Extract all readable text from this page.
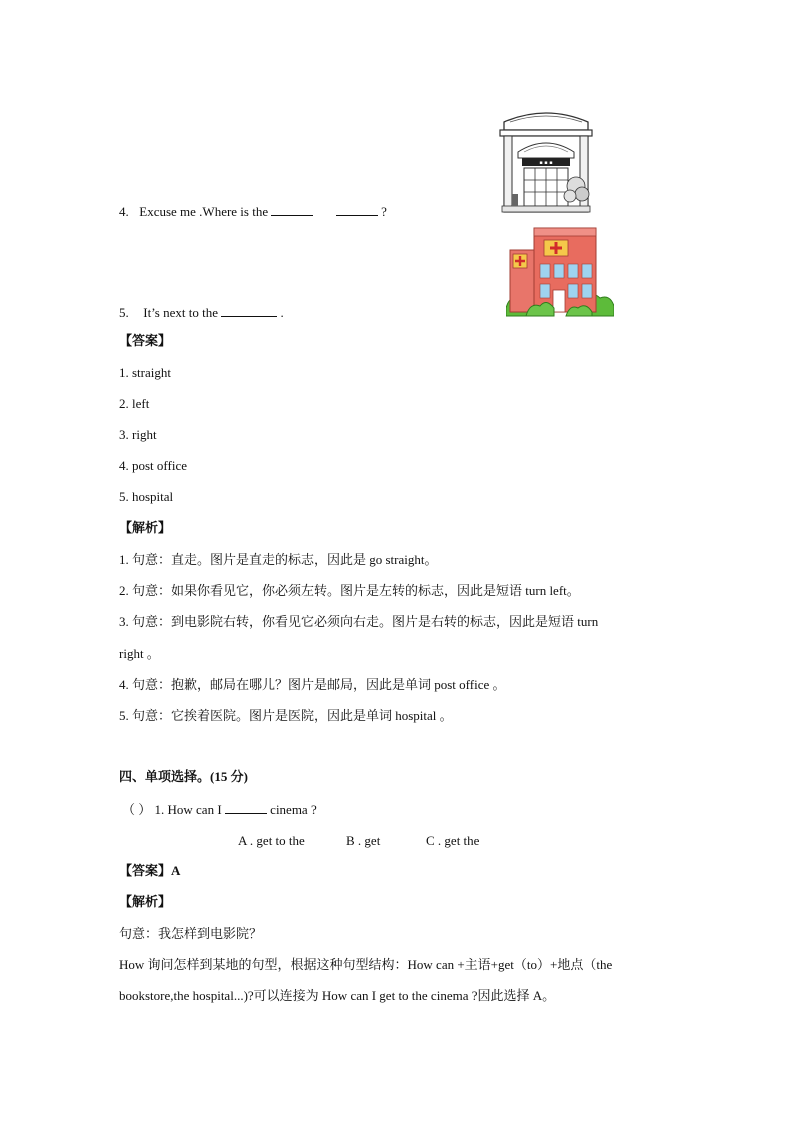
▪ ▪ ▪
4. Excuse me .Where is the	?
5. It’s next to the	.
【答案】
1. straight
2. left
3. right
4. post office
5. hospital
【解析】
1. 句意：直走。图片是直走的标志，因此是 go straight。
2. 句意：如果你看见它，你必须左转。图片是左转的标志，因此是短语 turn left。
3. 句意：到电影院右转，你看见它必须向右走。图片是右转的标志，因此是短语 turn
right 。
4. 句意：抱歉，邮局在哪儿？图片是邮局，因此是单词 post office 。
5. 句意：它挨着医院。图片是医院，因此是单词 hospital 。
四、单项选择。(15 分)
（ ） 1. How can I	cinema ?
A . get to the	B . get	C . get the
【答案】A
【解析】
句意：我怎样到电影院？
How 询问怎样到某地的句型，根据这种句型结构：How can +主语+get（to）+地点（the
bookstore,the hospital...)?可以连接为 How can I get to the cinema ?因此选择 A。
